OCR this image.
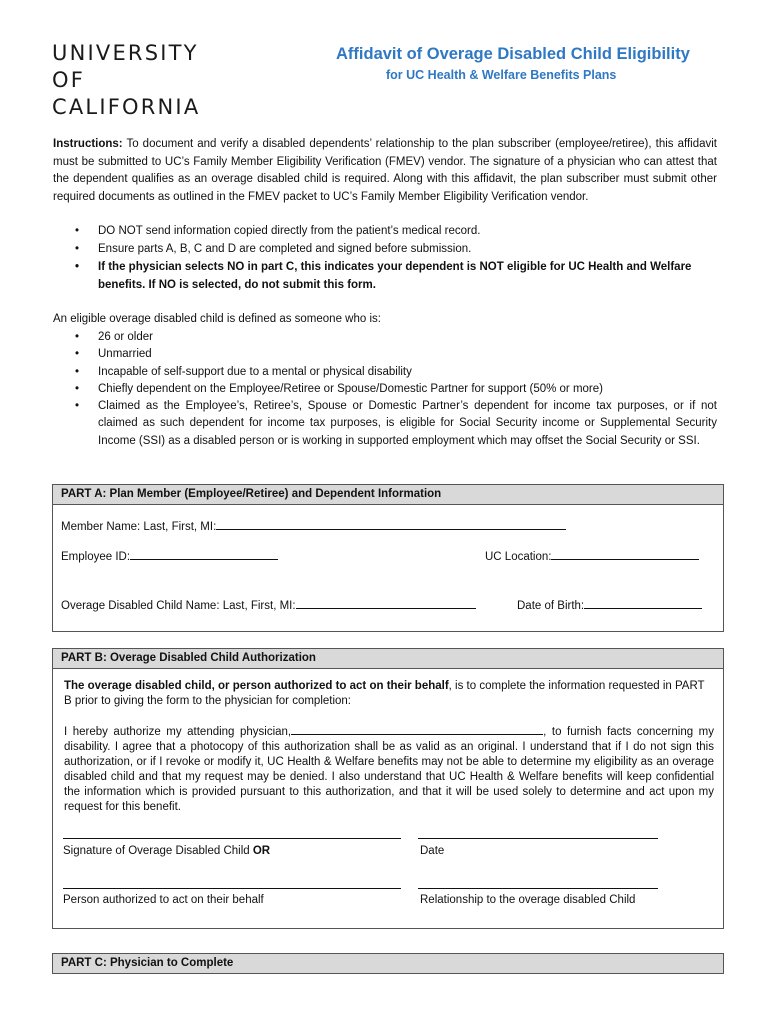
UNIVERSITY
OF
CALIFORNIA
Affidavit of Overage Disabled Child Eligibility
for UC Health & Welfare Benefits Plans
Instructions: To document and verify a disabled dependents’ relationship to the plan subscriber (employee/retiree), this affidavit must be submitted to UC’s Family Member Eligibility Verification (FMEV) vendor. The signature of a physician who can attest that the dependent qualifies as an overage disabled child is required. Along with this affidavit, the plan subscriber must submit other required documents as outlined in the FMEV packet to UC’s Family Member Eligibility Verification vendor.
• DO NOT send information copied directly from the patient’s medical record.
• Ensure parts A, B, C and D are completed and signed before submission.
• If the physician selects NO in part C, this indicates your dependent is NOT eligible for UC Health and Welfare benefits. If NO is selected, do not submit this form.
An eligible overage disabled child is defined as someone who is:
• 26 or older
• Unmarried
• Incapable of self-support due to a mental or physical disability
• Chiefly dependent on the Employee/Retiree or Spouse/Domestic Partner for support (50% or more)
• Claimed as the Employee’s, Retiree’s, Spouse or Domestic Partner’s dependent for income tax purposes, or if not claimed as such dependent for income tax purposes, is eligible for Social Security income or Supplemental Security Income (SSI) as a disabled person or is working in supported employment which may offset the Social Security or SSI.
PART A: Plan Member (Employee/Retiree) and Dependent Information
Member Name: Last, First, MI:
Employee ID:	UC Location:
Overage Disabled Child Name: Last, First, MI:	Date of Birth:
PART B: Overage Disabled Child Authorization
The overage disabled child, or person authorized to act on their behalf, is to complete the information requested in PART B prior to giving the form to the physician for completion:
I hereby authorize my attending physician,	, to furnish facts concerning my disability. I agree that a photocopy of this authorization shall be as valid as an original. I understand that if I do not sign this authorization, or if I revoke or modify it, UC Health & Welfare benefits may not be able to determine my eligibility as an overage disabled child and that my request may be denied. I also understand that UC Health & Welfare benefits will keep confidential the information which is provided pursuant to this authorization, and that it will be used solely to determine and act upon my request for this benefit.
Signature of Overage Disabled Child OR	Date
Person authorized to act on their behalf	Relationship to the overage disabled Child
PART C: Physician to Complete
